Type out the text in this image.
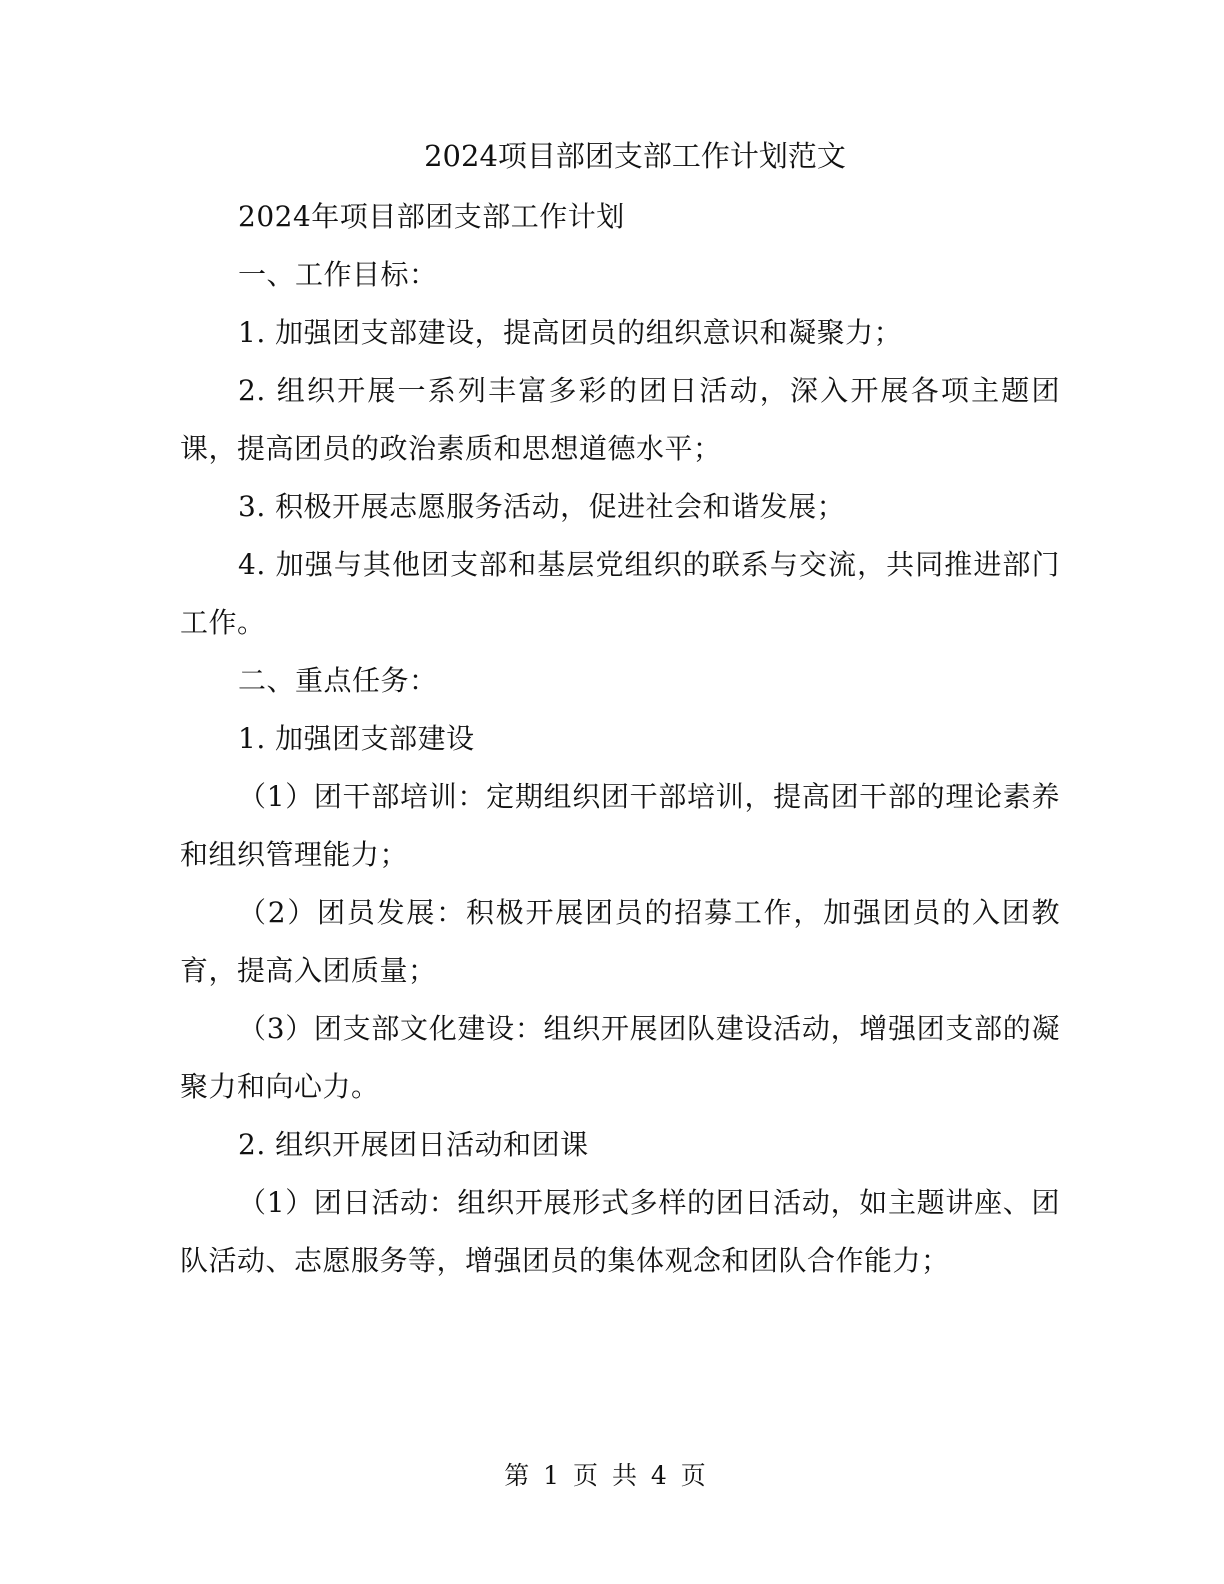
2024项目部团支部工作计划范文

2024年项目部团支部工作计划

一、工作目标：

1. 加强团支部建设，提高团员的组织意识和凝聚力；

2. 组织开展一系列丰富多彩的团日活动，深入开展各项主题团课，提高团员的政治素质和思想道德水平；

3. 积极开展志愿服务活动，促进社会和谐发展；

4. 加强与其他团支部和基层党组织的联系与交流，共同推进部门工作。

二、重点任务：

1. 加强团支部建设

（1）团干部培训：定期组织团干部培训，提高团干部的理论素养和组织管理能力；

（2）团员发展：积极开展团员的招募工作，加强团员的入团教育，提高入团质量；

（3）团支部文化建设：组织开展团队建设活动，增强团支部的凝聚力和向心力。

2. 组织开展团日活动和团课

（1）团日活动：组织开展形式多样的团日活动，如主题讲座、团队活动、志愿服务等，增强团员的集体观念和团队合作能力；

第 1 页 共 4 页
